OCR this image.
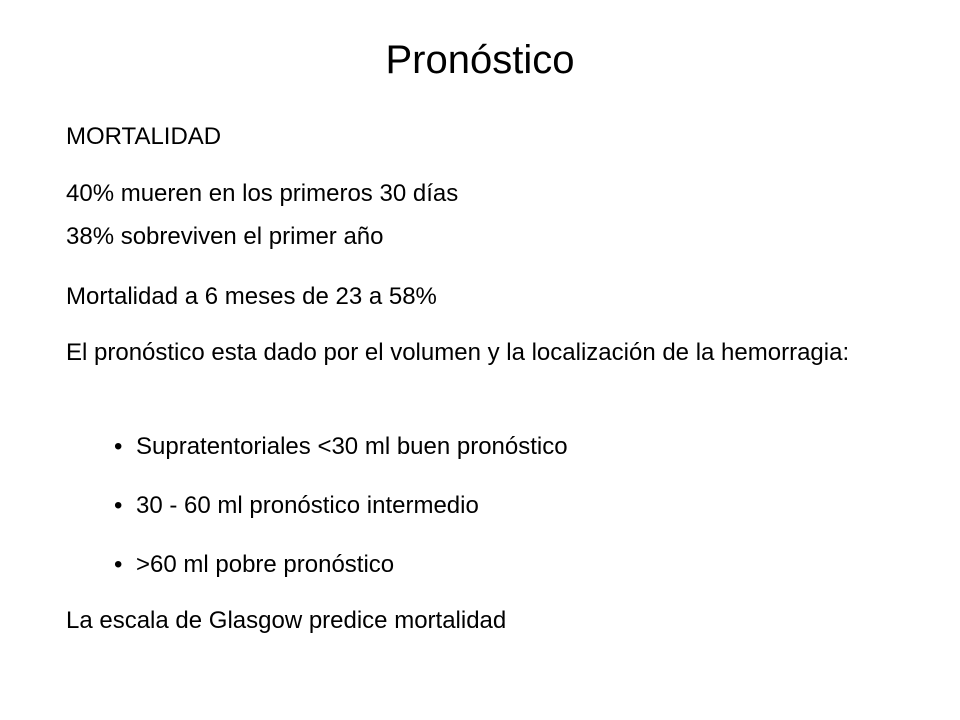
Pronóstico
MORTALIDAD
40% mueren en los primeros 30 días
38% sobreviven el primer año
Mortalidad a 6 meses de 23 a 58%
El pronóstico esta dado por el volumen y la localización de la hemorragia:
• Supratentoriales <30 ml buen pronóstico
• 30 - 60 ml pronóstico intermedio
• >60 ml pobre pronóstico
La escala de Glasgow predice mortalidad
